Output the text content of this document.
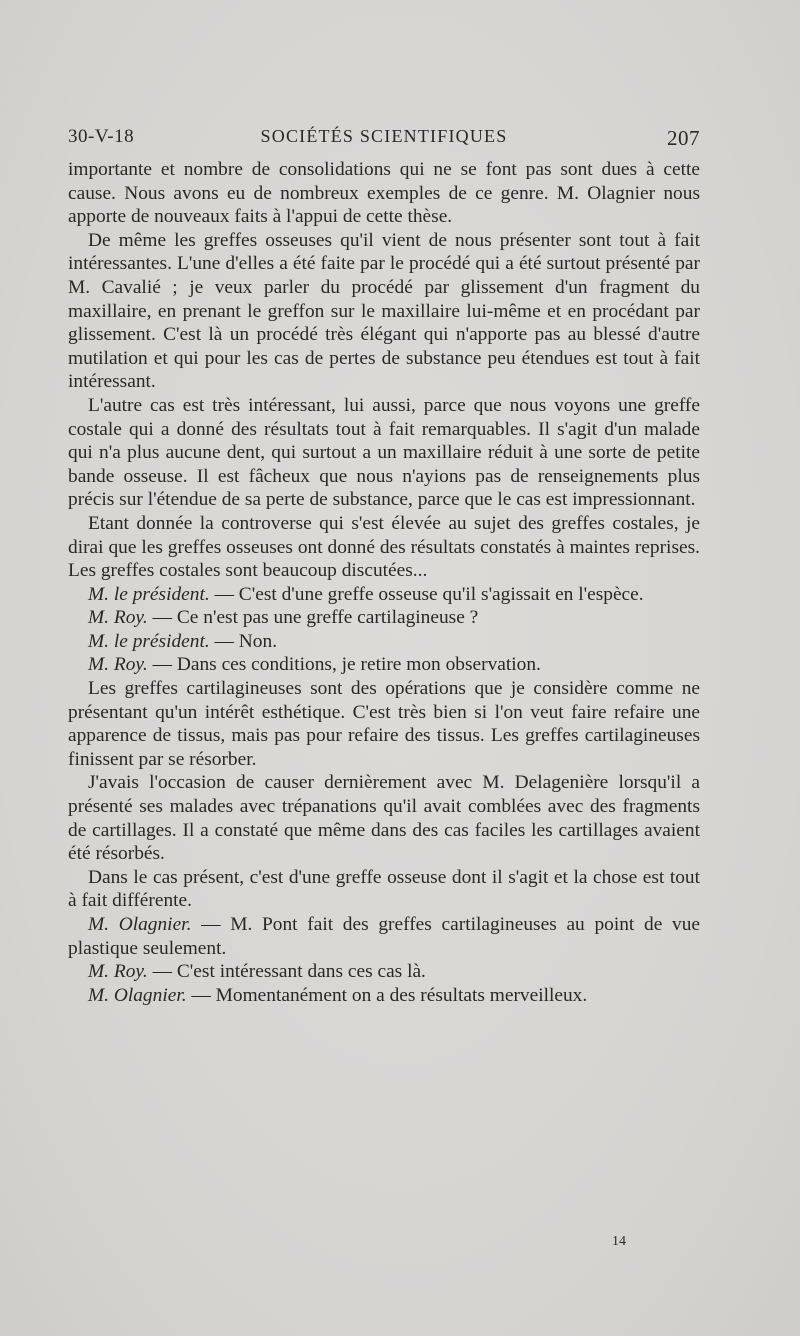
30-V-18	SOCIÉTÉS SCIENTIFIQUES	207

importante et nombre de consolidations qui ne se font pas sont dues à cette cause. Nous avons eu de nombreux exemples de ce genre. M. Olagnier nous apporte de nouveaux faits à l'appui de cette thèse.

De même les greffes osseuses qu'il vient de nous présenter sont tout à fait intéressantes. L'une d'elles a été faite par le procédé qui a été surtout présenté par M. Cavalié ; je veux parler du procédé par glissement d'un fragment du maxillaire, en prenant le greffon sur le maxillaire lui-même et en procédant par glissement. C'est là un procédé très élégant qui n'apporte pas au blessé d'autre mutilation et qui pour les cas de pertes de substance peu étendues est tout à fait intéressant.

L'autre cas est très intéressant, lui aussi, parce que nous voyons une greffe costale qui a donné des résultats tout à fait remarquables. Il s'agit d'un malade qui n'a plus aucune dent, qui surtout a un maxillaire réduit à une sorte de petite bande osseuse. Il est fâcheux que nous n'ayions pas de renseignements plus précis sur l'étendue de sa perte de substance, parce que le cas est impressionnant.

Etant donnée la controverse qui s'est élevée au sujet des greffes costales, je dirai que les greffes osseuses ont donné des résultats constatés à maintes reprises. Les greffes costales sont beaucoup discutées...

M. le président. — C'est d'une greffe osseuse qu'il s'agissait en l'espèce.

M. Roy. — Ce n'est pas une greffe cartilagineuse ?

M. le président. — Non.

M. Roy. — Dans ces conditions, je retire mon observation.

Les greffes cartilagineuses sont des opérations que je considère comme ne présentant qu'un intérêt esthétique. C'est très bien si l'on veut faire refaire une apparence de tissus, mais pas pour refaire des tissus. Les greffes cartilagineuses finissent par se résorber.

J'avais l'occasion de causer dernièrement avec M. Delagenière lorsqu'il a présenté ses malades avec trépanations qu'il avait comblées avec des fragments de cartillages. Il a constaté que même dans des cas faciles les cartillages avaient été résorbés.

Dans le cas présent, c'est d'une greffe osseuse dont il s'agit et la chose est tout à fait différente.

M. Olagnier. — M. Pont fait des greffes cartilagineuses au point de vue plastique seulement.

M. Roy. — C'est intéressant dans ces cas là.

M. Olagnier. — Momentanément on a des résultats merveilleux.

14
